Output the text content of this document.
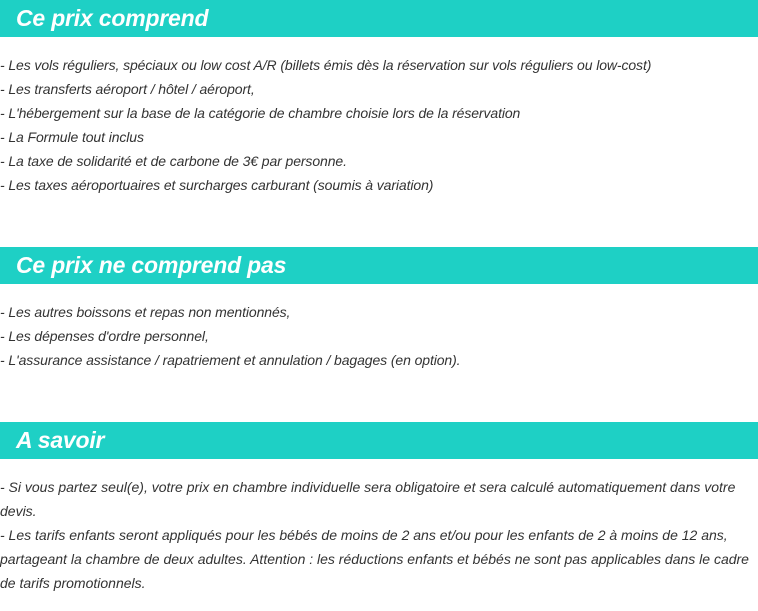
Ce prix comprend
- Les vols réguliers, spéciaux ou low cost A/R (billets émis dès la réservation sur vols réguliers ou low-cost)
- Les transferts aéroport / hôtel / aéroport,
- L'hébergement sur la base de la catégorie de chambre choisie lors de la réservation
- La Formule tout inclus
- La taxe de solidarité et de carbone de 3€ par personne.
- Les taxes aéroportuaires et surcharges carburant (soumis à variation)
Ce prix ne comprend pas
- Les autres boissons et repas non mentionnés,
- Les dépenses d'ordre personnel,
- L'assurance assistance / rapatriement et annulation / bagages (en option).
A savoir
- Si vous partez seul(e), votre prix en chambre individuelle sera obligatoire et sera calculé automatiquement dans votre devis.
- Les tarifs enfants seront appliqués pour les bébés de moins de 2 ans et/ou pour les enfants de 2 à moins de 12 ans, partageant la chambre de deux adultes. Attention : les réductions enfants et bébés ne sont pas applicables dans le cadre de tarifs promotionnels.
